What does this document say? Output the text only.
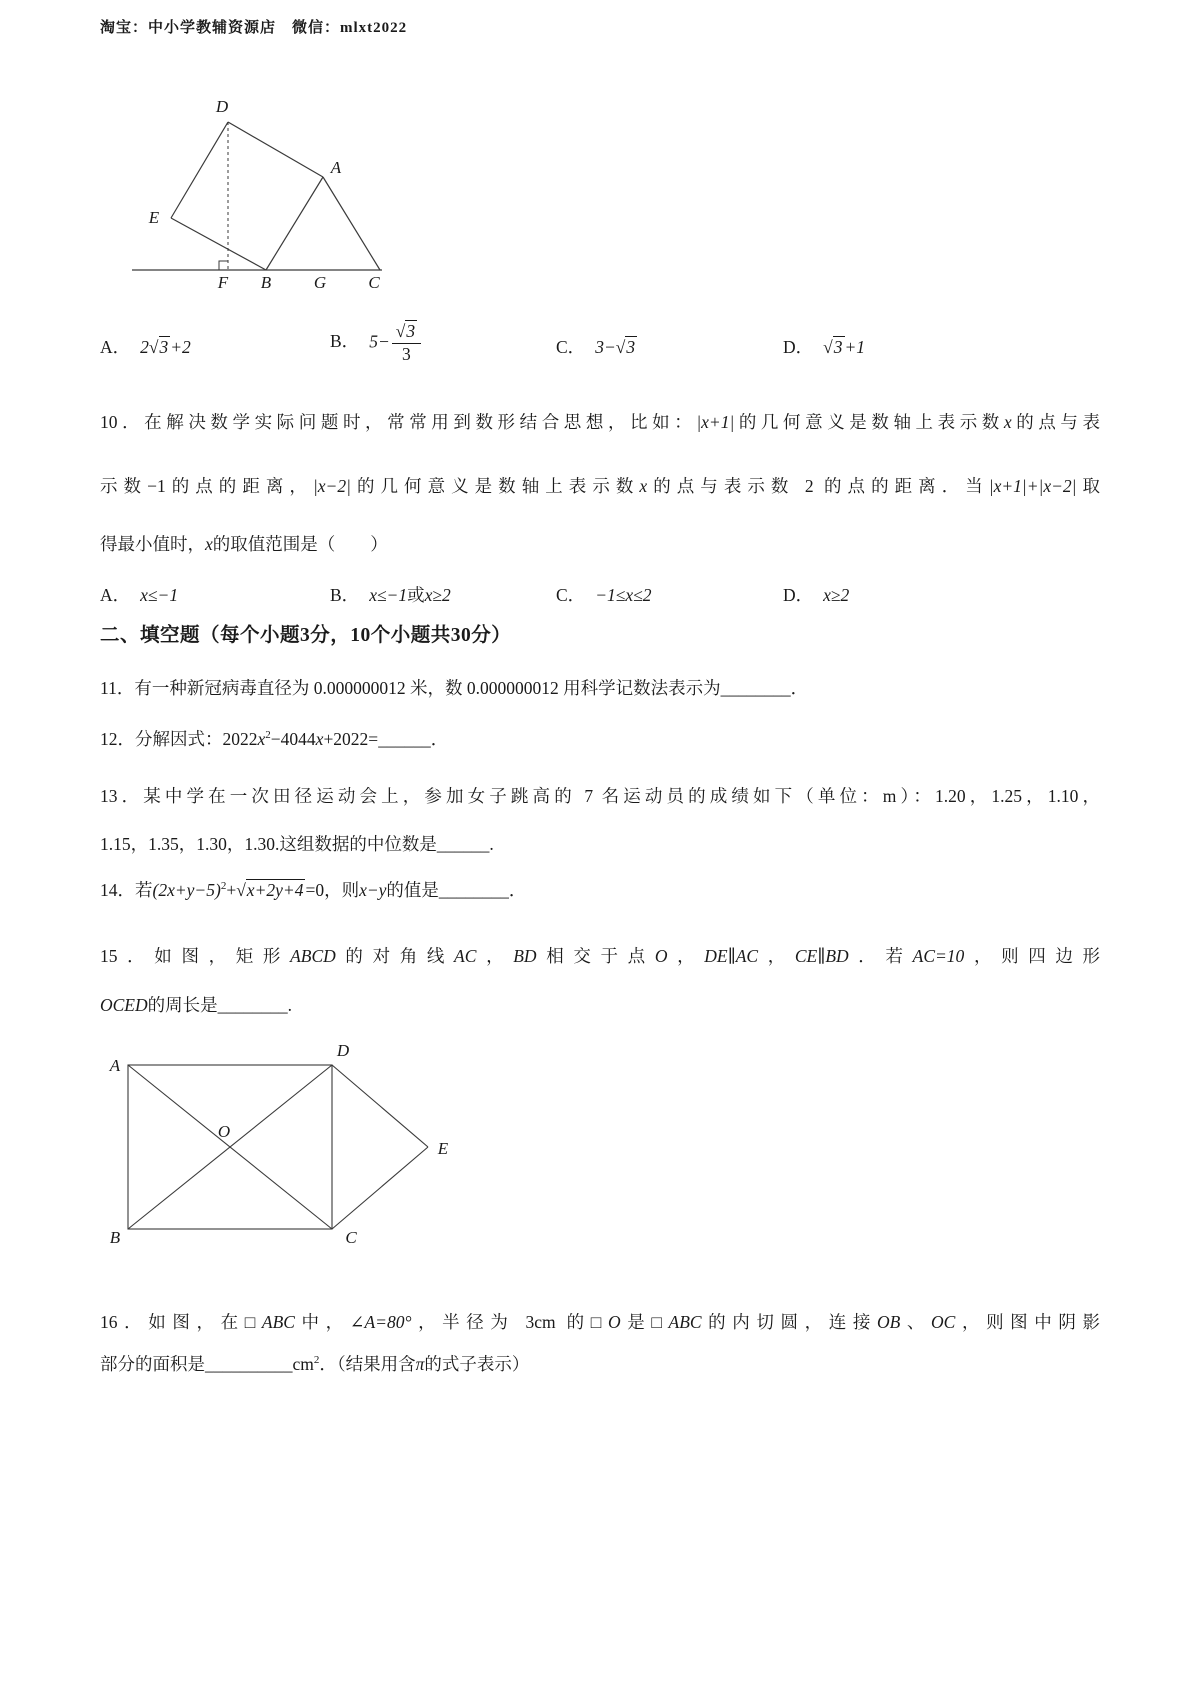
淘宝：中小学教辅资源店　微信：mlxt2022
D
A
E
F B	G C
A． 2√3 +2	B． $5- \frac{√3}{3}$	C． 3−√3	D． √3 +1
10．在解决数学实际问题时，常常用到数形结合思想，比如：|x+1|的几何意义是数轴上表示数x的点与表
示数−1的点的距离，|x−2|的几何意义是数轴上表示数x的点与表示数 2 的点的距离．当|x+1|+|x−2|取
得最小值时，x的取值范围是（　　）
A． x≤−1	B． x≤−1或x≥2	C． −1≤x≤2	D． x≥2
二、填空题（每个小题3分，10个小题共30分）
11．有一种新冠病毒直径为 0.000000012 米，数 0.000000012 用科学记数法表示为________．
12．分解因式：$2022x^2-4044x+2022=\_\_\_\_\_\_$．
13．某中学在一次田径运动会上，参加女子跳高的 7 名运动员的成绩如下（单位：m）：1.20，1.25，1.10，
1.15，1.35，1.30，1.30.这组数据的中位数是______.
14．若$(2x+y-5)^2+√x+2y+4 =0$，则x−y的值是________．
15．如图，矩形ABCD的对角线AC，BD相交于点O，DE∥AC，CE∥BD．若AC=10，则四边形
OCED的周长是________.
A
D
O
E
B	C
16．如图，在□ABC中，∠A=80°，半径为 3cm 的□O是□ABC的内切圆，连接OB、OC，则图中阴影
部分的面积是$\_\_\_\_\_\_\_\_\_\_cm^2$．（结果用含π的式子表示）
